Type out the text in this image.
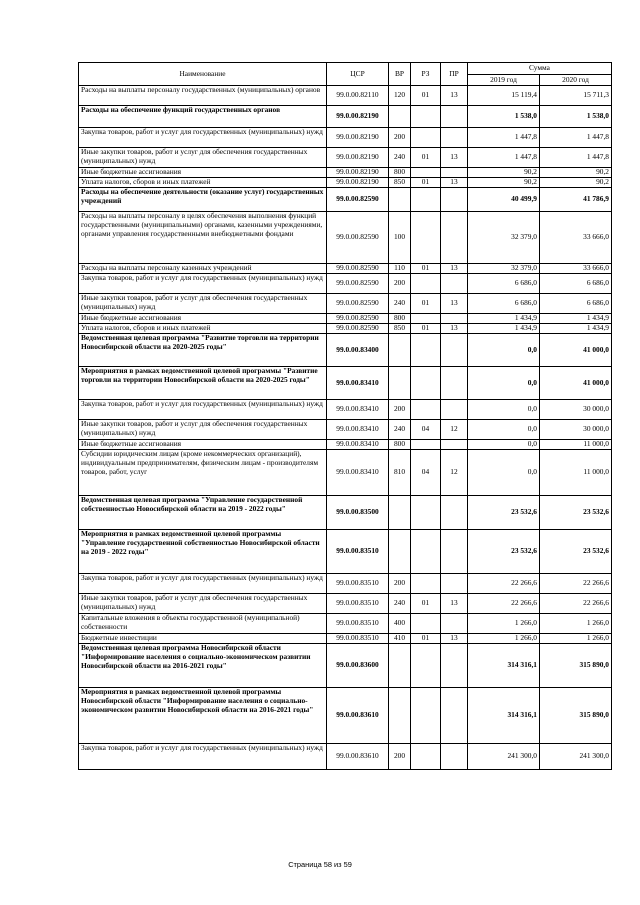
Наименование	ЦСР	ВР	РЗ	ПР	Сумма	
					2019 год	2020 год
Расходы на выплаты персоналу государственных (муниципальных) органов	99.0.00.82110	120	01	13	15 119,4	15 711,3
Расходы на обеспечение функций государственных органов	99.0.00.82190				1 538,0	1 538,0
Закупка товаров, работ и услуг для государственных (муниципальных) нужд	99.0.00.82190	200			1 447,8	1 447,8
Иные закупки товаров, работ и услуг для обеспечения государственных (муниципальных) нужд	99.0.00.82190	240	01	13	1 447,8	1 447,8
Иные бюджетные ассигнования	99.0.00.82190	800			90,2	90,2
Уплата налогов, сборов и иных платежей	99.0.00.82190	850	01	13	90,2	90,2
Расходы на обеспечение деятельности (оказание услуг) государственных учреждений	99.0.00.82590				40 499,9	41 786,9
Расходы на выплаты персоналу в целях обеспечения выполнения функций государственными (муниципальными) органами, казенными учреждениями, органами управления государственными внебюджетными фондами	99.0.00.82590	100			32 379,0	33 666,0
Расходы на выплаты персоналу казенных учреждений	99.0.00.82590	110	01	13	32 379,0	33 666,0
Закупка товаров, работ и услуг для государственных (муниципальных) нужд	99.0.00.82590	200			6 686,0	6 686,0
Иные закупки товаров, работ и услуг для обеспечения государственных (муниципальных) нужд	99.0.00.82590	240	01	13	6 686,0	6 686,0
Иные бюджетные ассигнования	99.0.00.82590	800			1 434,9	1 434,9
Уплата налогов, сборов и иных платежей	99.0.00.82590	850	01	13	1 434,9	1 434,9
Ведомственная целевая программа "Развитие торговли на территории Новосибирской области на 2020-2025 годы"	99.0.00.83400				0,0	41 000,0
Мероприятия в рамках ведомственной целевой программы "Развитие торговли на территории Новосибирской области на 2020-2025 годы"	99.0.00.83410				0,0	41 000,0
Закупка товаров, работ и услуг для государственных (муниципальных) нужд	99.0.00.83410	200			0,0	30 000,0
Иные закупки товаров, работ и услуг для обеспечения государственных (муниципальных) нужд	99.0.00.83410	240	04	12	0,0	30 000,0
Иные бюджетные ассигнования	99.0.00.83410	800			0,0	11 000,0
Субсидии юридическим лицам (кроме некоммерческих организаций), индивидуальным предпринимателям, физическим лицам - производителям товаров, работ, услуг	99.0.00.83410	810	04	12	0,0	11 000,0
Ведомственная целевая программа "Управление государственной собственностью Новосибирской области на 2019 - 2022 годы"	99.0.00.83500				23 532,6	23 532,6
Мероприятия в рамках ведомственной целевой программы "Управление государственной собственностью Новосибирской области на 2019 - 2022 годы"	99.0.00.83510				23 532,6	23 532,6
Закупка товаров, работ и услуг для государственных (муниципальных) нужд	99.0.00.83510	200			22 266,6	22 266,6
Иные закупки товаров, работ и услуг для обеспечения государственных (муниципальных) нужд	99.0.00.83510	240	01	13	22 266,6	22 266,6
Капитальные вложения в объекты государственной (муниципальной) собственности	99.0.00.83510	400			1 266,0	1 266,0
Бюджетные инвестиции	99.0.00.83510	410	01	13	1 266,0	1 266,0
Ведомственная целевая программа Новосибирской области "Информирование населения о социально-экономическом развитии Новосибирской области на 2016-2021 годы"	99.0.00.83600				314 316,1	315 890,0
Мероприятия в рамках ведомственной целевой программы Новосибирской области "Информирование населения о социально-экономическом развитии Новосибирской области на 2016-2021 годы"	99.0.00.83610				314 316,1	315 890,0
Закупка товаров, работ и услуг для государственных (муниципальных) нужд	99.0.00.83610	200			241 300,0	241 300,0
Страница 58 из 59
